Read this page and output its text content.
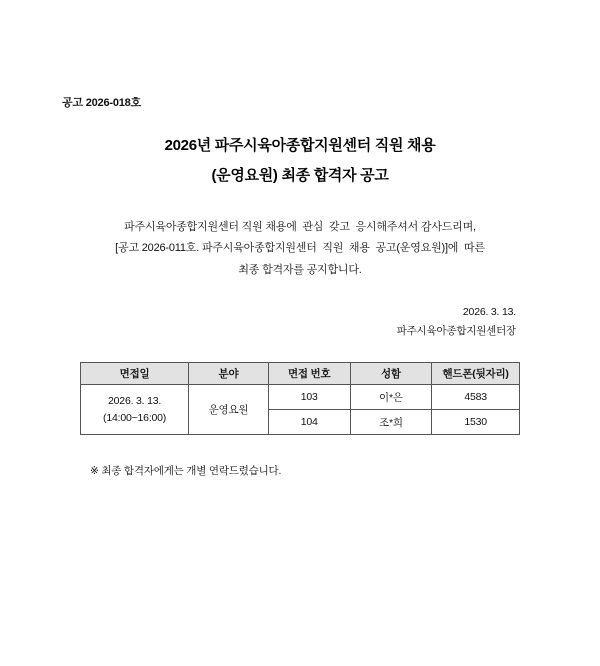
공고 2026-018호
2026년 파주시육아종합지원센터 직원 채용
(운영요원) 최종 합격자 공고
파주시육아종합지원센터 직원 채용에  관심  갖고  응시해주셔서 감사드리며,
[공고 2026-011호. 파주시육아종합지원센터  직원  채용  공고(운영요원)]에  따른
최종 합격자를 공지합니다.
2026. 3. 13.
파주시육아종합지원센터장
면접일	분야	면접 번호	성함	핸드폰(뒷자리)

2026. 3. 13.
(14:00~16:00)	운영요원	103	이*은	4583
		104	조*희	1530
※ 최종 합격자에게는 개별 연락드렸습니다.
